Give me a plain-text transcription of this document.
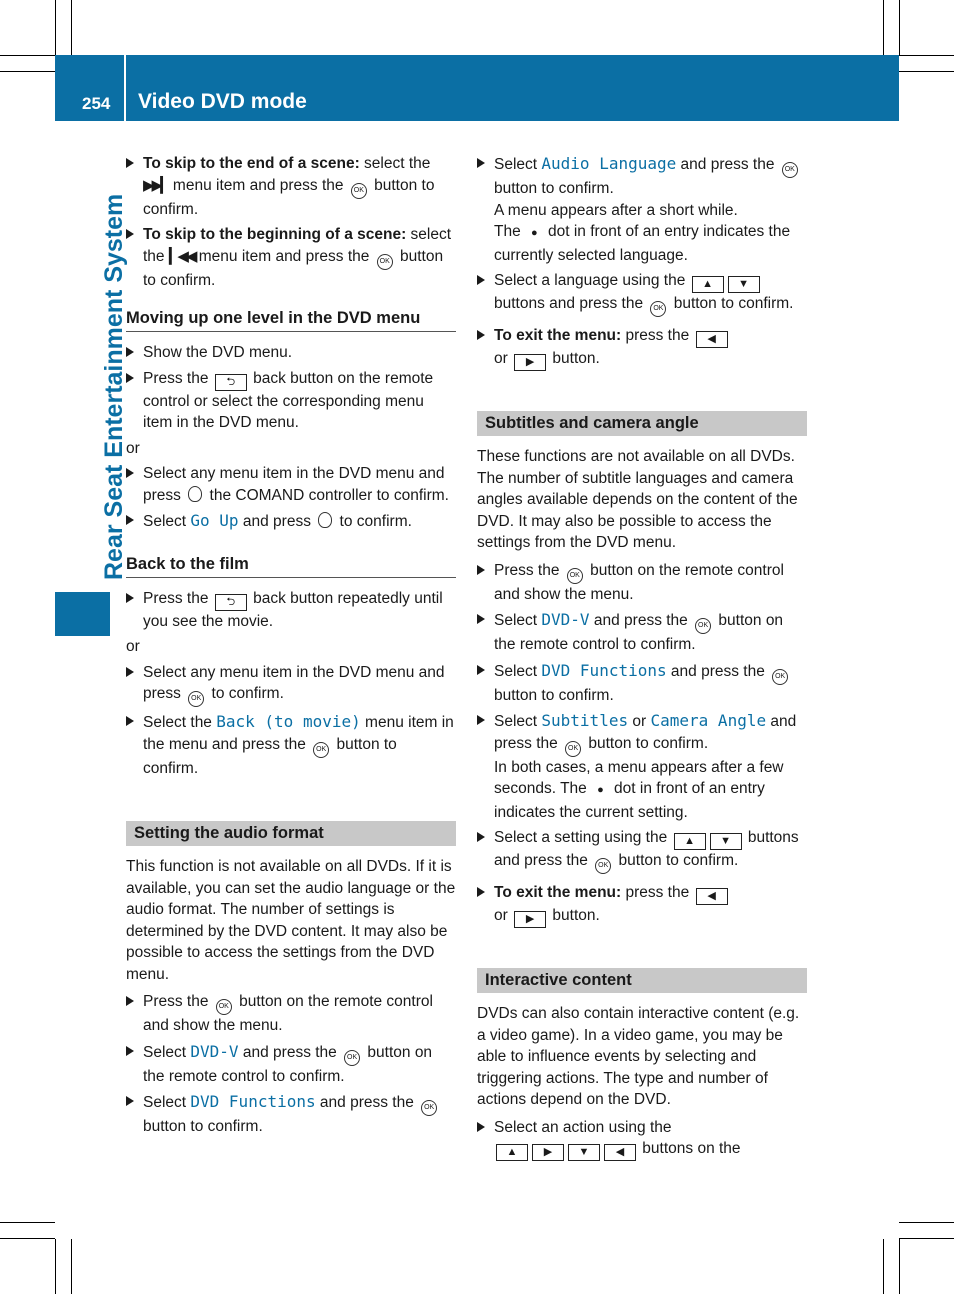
254 Video DVD mode
Rear Seat Entertainment System
To skip to the end of a scene: select the ▶▶▎ menu item and press the OK button to confirm.
To skip to the beginning of a scene: select the ▎◀◀ menu item and press the OK button to confirm.
Moving up one level in the DVD menu
Show the DVD menu.
Press the ⮌ back button on the remote control or select the corresponding menu item in the DVD menu.

or

Select any menu item in the DVD menu and press  the COMAND controller to confirm.
Select Go Up and press  to confirm.
Back to the film
Press the ⮌ back button repeatedly until you see the movie.

or

Select any menu item in the DVD menu and press OK to confirm.
Select the Back (to movie) menu item in the menu and press the OK button to confirm.
Setting the audio format

This function is not available on all DVDs. If it is available, you can set the audio language or the audio format. The number of settings is determined by the DVD content. It may also be possible to access the settings from the DVD menu.

Press the OK button on the remote control and show the menu.
Select DVD-V and press the OK button on the remote control to confirm.
Select DVD Functions and press the OK button to confirm.
Select Audio Language and press the OK button to confirm.
A menu appears after a short while.
The ● dot in front of an entry indicates the currently selected language.
Select a language using the ▲ ▼ buttons and press the OK button to confirm.
To exit the menu: press the ◀
or ▶ button.
Subtitles and camera angle

These functions are not available on all DVDs. The number of subtitle languages and camera angles available depends on the content of the DVD. It may also be possible to access the settings from the DVD menu.

Press the OK button on the remote control and show the menu.
Select DVD-V and press the OK button on the remote control to confirm.
Select DVD Functions and press the OK button to confirm.
Select Subtitles or Camera Angle and press the OK button to confirm.
In both cases, a menu appears after a few seconds. The ● dot in front of an entry indicates the current setting.
Select a setting using the ▲ ▼ buttons and press the OK button to confirm.
To exit the menu: press the ◀
or ▶ button.
Interactive content

DVDs can also contain interactive content (e.g. a video game). In a video game, you may be able to influence events by selecting and triggering actions. The type and number of actions depend on the DVD.

Select an action using the
▲ ▶ ▼ ◀ buttons on the
